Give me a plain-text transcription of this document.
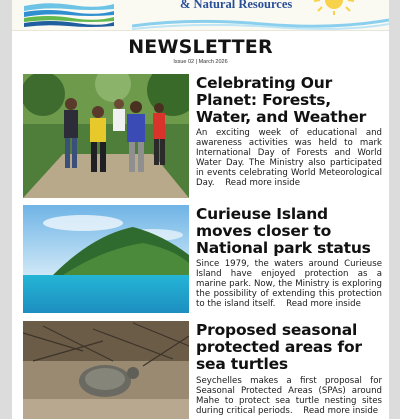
& Natural Resources
NEWSLETTER
Issue 02 | March 2026
Celebrating Our Planet: Forests, Water, and Weather
An exciting week of educational and awareness activities was held to mark International Day of Forests and World Water Day. The Ministry also participated in events celebrating World Meteorological Day. Read more inside
Curieuse Island moves closer to National park status
Since 1979, the waters around Curieuse Island have enjoyed protection as a marine park. Now, the Ministry is exploring the possibility of extending this protection to the island itself. Read more inside
Proposed seasonal protected areas for sea turtles
Seychelles makes a first proposal for Seasonal Protected Areas (SPAs) around Mahe to protect sea turtle nesting sites during critical periods. Read more inside
